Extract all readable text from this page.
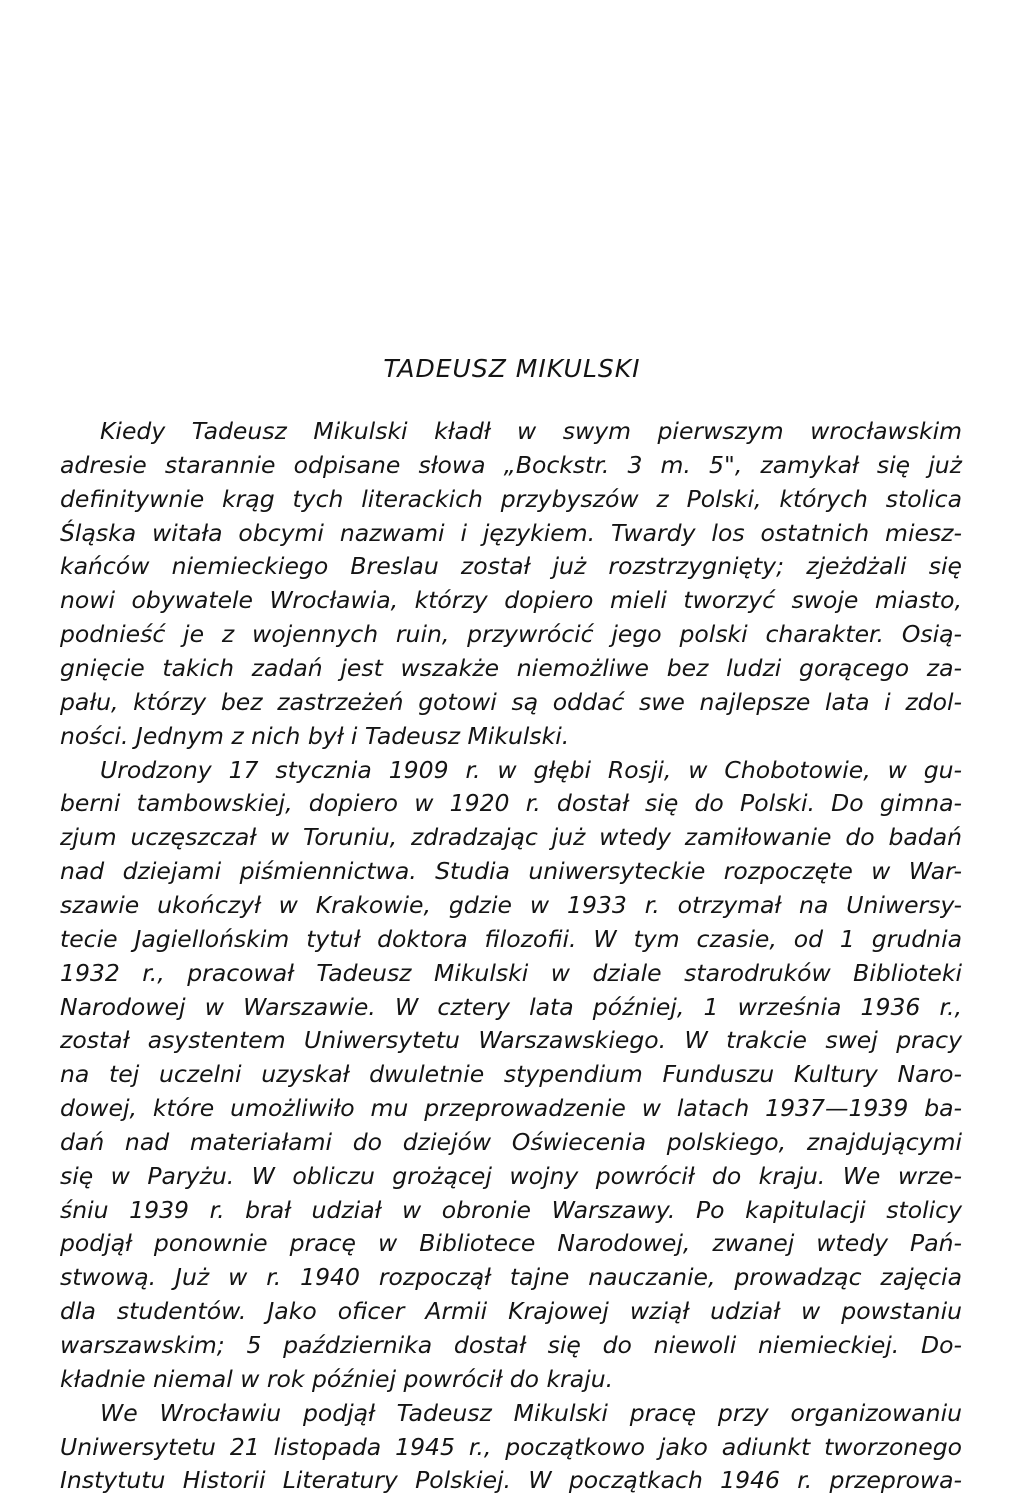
TADEUSZ MIKULSKI
Kiedy Tadeusz Mikulski kładł w swym pierwszym wrocławskim
adresie starannie odpisane słowa „Bockstr. 3 m. 5", zamykał się już
definitywnie krąg tych literackich przybyszów z Polski, których stolica
Śląska witała obcymi nazwami i językiem. Twardy los ostatnich miesz-
kańców niemieckiego Breslau został już rozstrzygnięty; zjeżdżali się
nowi obywatele Wrocławia, którzy dopiero mieli tworzyć swoje miasto,
podnieść je z wojennych ruin, przywrócić jego polski charakter. Osią-
gnięcie takich zadań jest wszakże niemożliwe bez ludzi gorącego za-
pału, którzy bez zastrzeżeń gotowi są oddać swe najlepsze lata i zdol-
ności. Jednym z nich był i Tadeusz Mikulski.
Urodzony 17 stycznia 1909 r. w głębi Rosji, w Chobotowie, w gu-
berni tambowskiej, dopiero w 1920 r. dostał się do Polski. Do gimna-
zjum uczęszczał w Toruniu, zdradzając już wtedy zamiłowanie do badań
nad dziejami piśmiennictwa. Studia uniwersyteckie rozpoczęte w War-
szawie ukończył w Krakowie, gdzie w 1933 r. otrzymał na Uniwersy-
tecie Jagiellońskim tytuł doktora filozofii. W tym czasie, od 1 grudnia
1932 r., pracował Tadeusz Mikulski w dziale starodruków Biblioteki
Narodowej w Warszawie. W cztery lata później, 1 września 1936 r.,
został asystentem Uniwersytetu Warszawskiego. W trakcie swej pracy
na tej uczelni uzyskał dwuletnie stypendium Funduszu Kultury Naro-
dowej, które umożliwiło mu przeprowadzenie w latach 1937—1939 ba-
dań nad materiałami do dziejów Oświecenia polskiego, znajdującymi
się w Paryżu. W obliczu grożącej wojny powrócił do kraju. We wrze-
śniu 1939 r. brał udział w obronie Warszawy. Po kapitulacji stolicy
podjął ponownie pracę w Bibliotece Narodowej, zwanej wtedy Pań-
stwową. Już w r. 1940 rozpoczął tajne nauczanie, prowadząc zajęcia
dla studentów. Jako oficer Armii Krajowej wziął udział w powstaniu
warszawskim; 5 października dostał się do niewoli niemieckiej. Do-
kładnie niemal w rok później powrócił do kraju.
We Wrocławiu podjął Tadeusz Mikulski pracę przy organizowaniu
Uniwersytetu 21 listopada 1945 r., początkowo jako adiunkt tworzonego
Instytutu Historii Literatury Polskiej. W początkach 1946 r. przeprowa-
